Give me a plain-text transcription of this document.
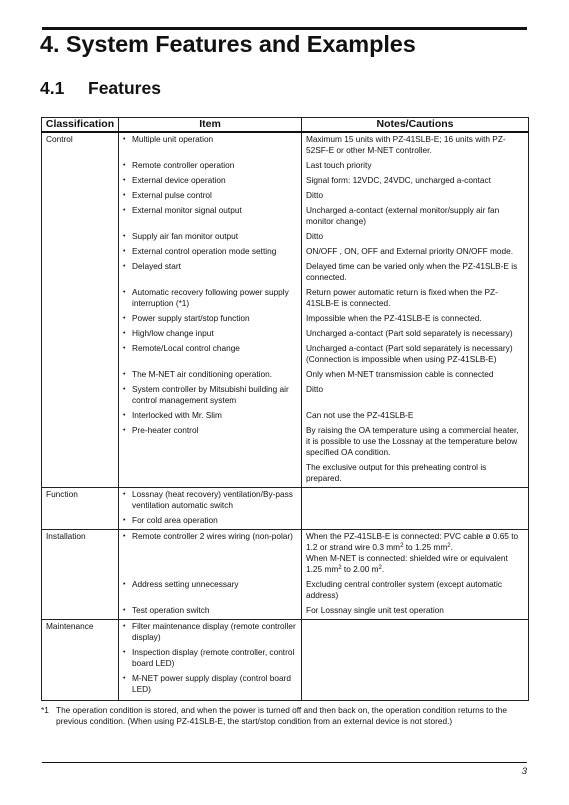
4. System Features and Examples
4.1 Features
Classification	Item	Notes/Cautions
Control	• Multiple unit operation	Maximum 15 units with PZ-41SLB-E; 16 units with PZ-52SF-E or other M-NET controller.

	• Remote controller operation	Last touch priority

	• External device operation	Signal form: 12VDC, 24VDC, uncharged a-contact

	• External pulse control	Ditto

	• External monitor signal output	Uncharged a-contact (external monitor/supply air fan monitor change)

	• Supply air fan monitor output	Ditto

	• External control operation mode setting	ON/OFF , ON, OFF and External priority ON/OFF mode.

	• Delayed start	Delayed time can be varied only when the PZ-41SLB-E is connected.

	• Automatic recovery following power supply interruption (*1)	Return power automatic return is fixed when the PZ-41SLB-E is connected.

	• Power supply start/stop function	Impossible when the PZ-41SLB-E is connected.

	• High/low change input	Uncharged a-contact (Part sold separately is necessary)

	• Remote/Local control change	Uncharged a-contact (Part sold separately is necessary) (Connection is impossible when using PZ-41SLB-E)

	• The M-NET air conditioning operation.	Only when M-NET transmission cable is connected

	• System controller by Mitsubishi building air control management system	Ditto

	• Interlocked with Mr. Slim	Can not use the PZ-41SLB-E

	• Pre-heater control	By raising the OA temperature using a commercial heater, it is possible to use the Lossnay at the temperature below specified OA condition.
The exclusive output for this preheating control is prepared.

Function	• Lossnay (heat recovery) ventilation/By-pass ventilation automatic switch

	• For cold area operation

Installation	• Remote controller 2 wires wiring (non-polar)	When the PZ-41SLB-E is connected: PVC cable ø 0.65 to 1.2 or strand wire 0.3 $mm^2$ to 1.25 $mm^2$.
When M-NET is connected: shielded wire or equivalent 1.25 $mm^2$ to 2.00 $m^2$.

	• Address setting unnecessary	Excluding central controller system (except automatic address)

	• Test operation switch	For Lossnay single unit test operation
Maintenance	• Filter maintenance display (remote controller display)

	• Inspection display (remote controller, control board LED)

	• M-NET power supply display (control board LED)

*1 The operation condition is stored, and when the power is turned off and then back on, the operation condition returns to the previous condition. (When using PZ-41SLB-E, the start/stop condition from an external device is not stored.)
3
